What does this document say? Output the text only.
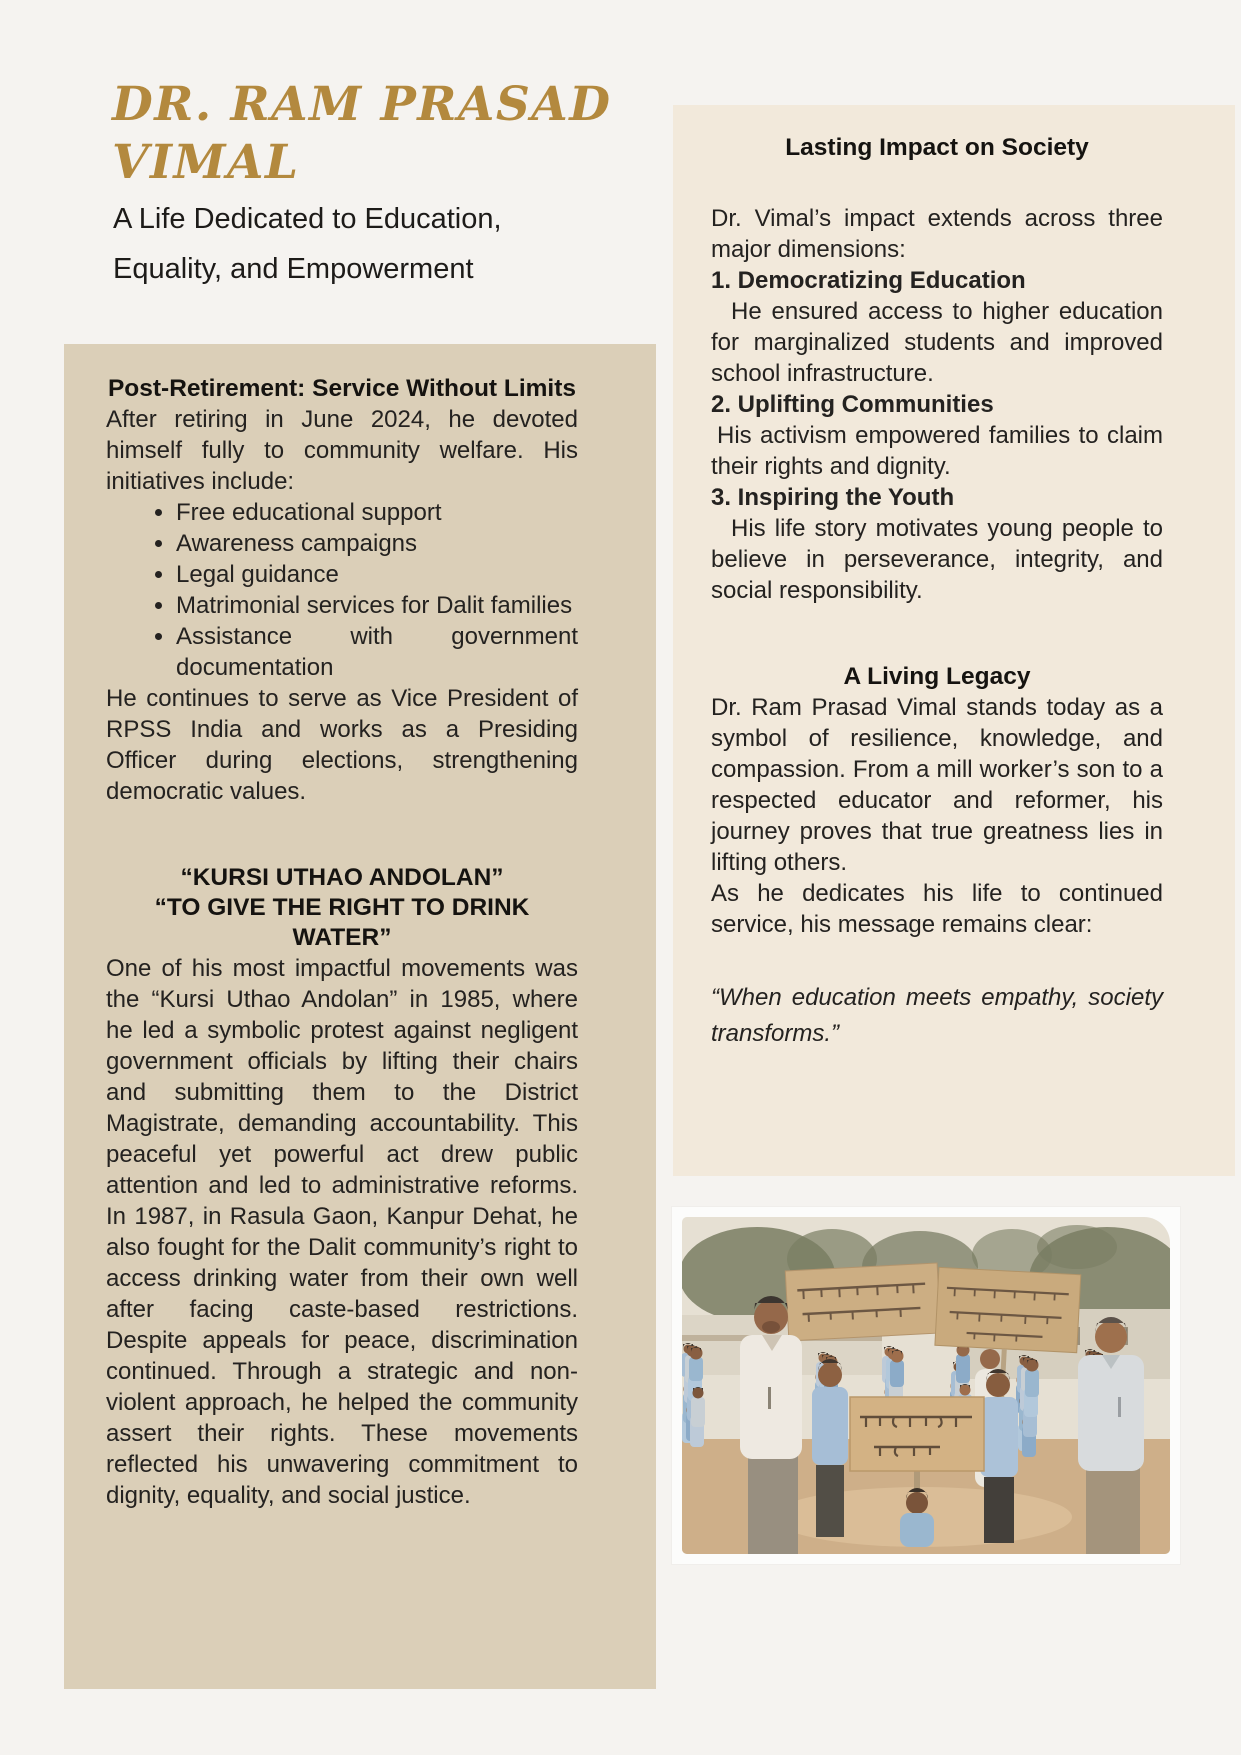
DR. RAM PRASAD
VIMAL
A Life Dedicated to Education,
Equality, and Empowerment

Post-Retirement: Service Without Limits

After retiring in June 2024, he devoted himself fully to community welfare. His initiatives include:

• Free educational support
• Awareness campaigns
• Legal guidance
• Matrimonial services for Dalit families
• Assistance with government documentation

He continues to serve as Vice President of RPSS India and works as a Presiding Officer during elections, strengthening democratic values.

“KURSI UTHAO ANDOLAN”

“TO GIVE THE RIGHT TO DRINK WATER”

One of his most impactful movements was the “Kursi Uthao Andolan” in 1985, where he led a symbolic protest against negligent government officials by lifting their chairs and submitting them to the District Magistrate, demanding accountability. This peaceful yet powerful act drew public attention and led to administrative reforms. In 1987, in Rasula Gaon, Kanpur Dehat, he also fought for the Dalit community’s right to access drinking water from their own well after facing caste-based restrictions. Despite appeals for peace, discrimination continued. Through a strategic and non-violent approach, he helped the community assert their rights. These movements reflected his unwavering commitment to dignity, equality, and social justice.

Lasting Impact on Society

Dr. Vimal’s impact extends across three major dimensions:

1. Democratizing Education

He ensured access to higher education for marginalized students and improved school infrastructure.

2. Uplifting Communities

His activism empowered families to claim their rights and dignity.

3. Inspiring the Youth

His life story motivates young people to believe in perseverance, integrity, and social responsibility.

A Living Legacy

Dr. Ram Prasad Vimal stands today as a symbol of resilience, knowledge, and compassion. From a mill worker’s son to a respected educator and reformer, his journey proves that true greatness lies in lifting others.

As he dedicates his life to continued service, his message remains clear:

“When education meets empathy, society transforms.”
